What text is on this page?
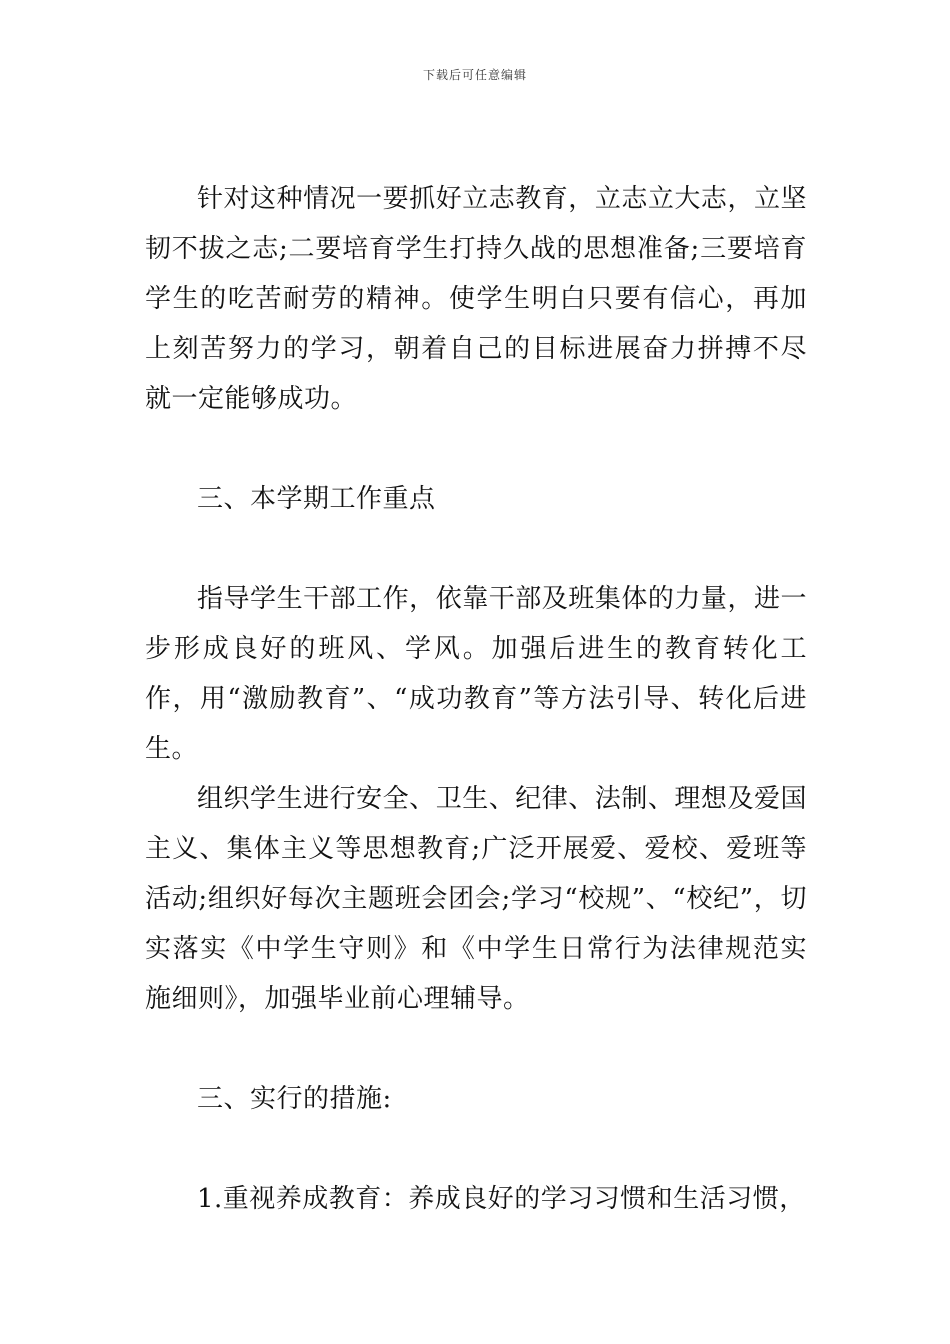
下载后可任意编辑

针对这种情况一要抓好立志教育，立志立大志，立坚韧不拔之志;二要培育学生打持久战的思想准备;三要培育学生的吃苦耐劳的精神。使学生明白只要有信心，再加上刻苦努力的学习，朝着自己的目标进展奋力拼搏不尽就一定能够成功。

三、本学期工作重点

指导学生干部工作，依靠干部及班集体的力量，进一步形成良好的班风、学风。加强后进生的教育转化工作，用“激励教育”、“成功教育”等方法引导、转化后进生。

组织学生进行安全、卫生、纪律、法制、理想及爱国主义、集体主义等思想教育;广泛开展爱、爱校、爱班等活动;组织好每次主题班会团会;学习“校规”、“校纪”，切实落实《中学生守则》和《中学生日常行为法律规范实施细则》，加强毕业前心理辅导。

三、实行的措施:

1.重视养成教育：养成良好的学习习惯和生活习惯，
